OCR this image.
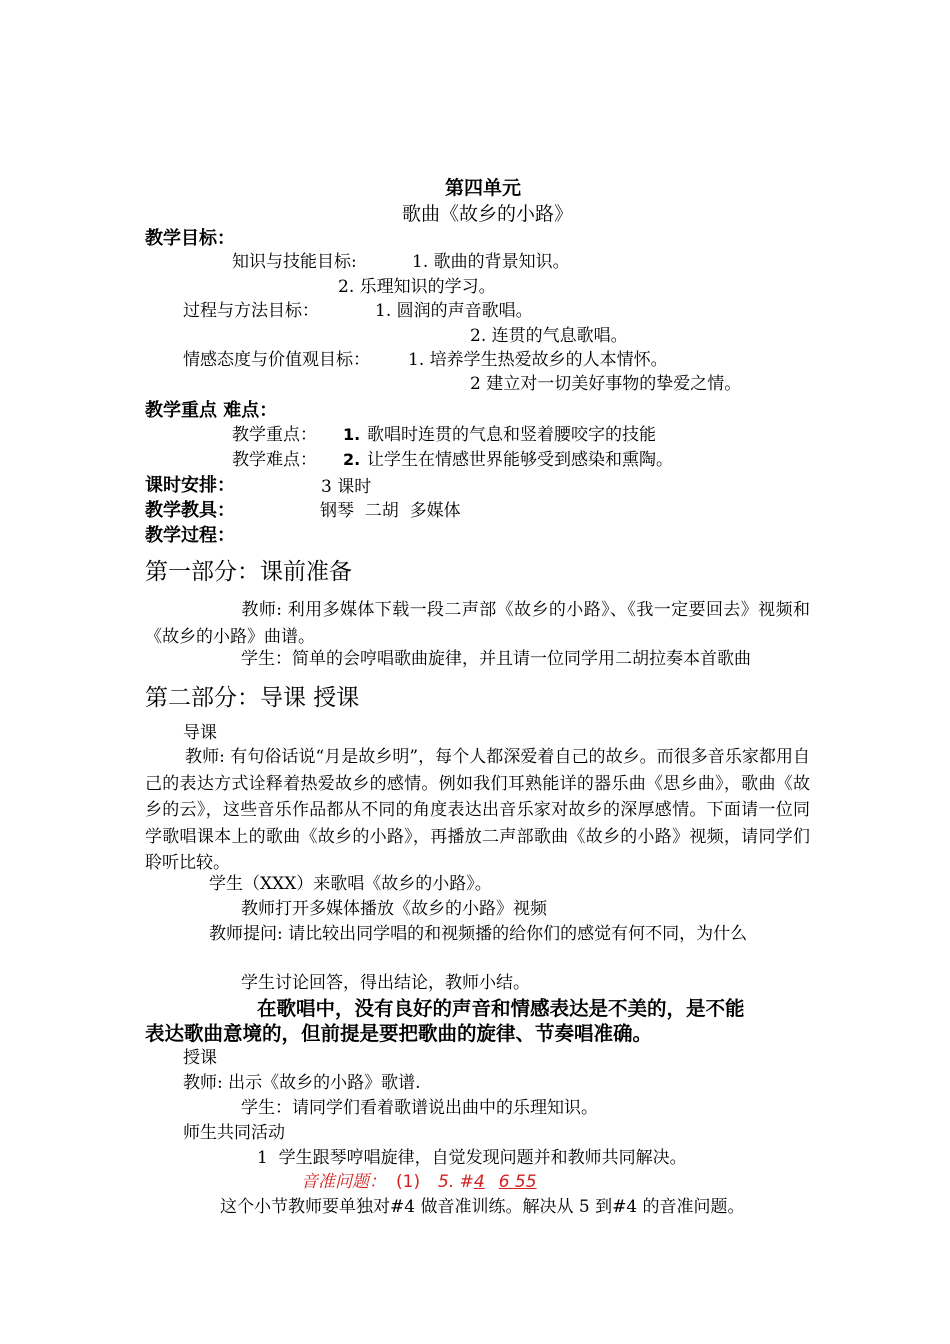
第四单元
歌曲《故乡的小路》
教学目标：
知识与技能目标:	1. 歌曲的背景知识。
2. 乐理知识的学习。
过程与方法目标：	1. 圆润的声音歌唱。
2. 连贯的气息歌唱。
情感态度与价值观目标： 1. 培养学生热爱故乡的人本情怀。
2 建立对一切美好事物的挚爱之情。
教学重点 难点：
教学重点： 1. 歌唱时连贯的气息和竖着腰咬字的技能
教学难点： 2. 让学生在情感世界能够受到感染和熏陶。
课时安排：	3 课时
教学教具：	钢琴  二胡  多媒体
教学过程：
第一部分：课前准备
教师: 利用多媒体下载一段二声部《故乡的小路》、《我一定要回去》视频和《故乡的小路》曲谱。
学生：简单的会哼唱歌曲旋律，并且请一位同学用二胡拉奏本首歌曲
第二部分：导课 授课
导课
教师: 有句俗话说“月是故乡明”，每个人都深爱着自己的故乡。而很多音乐家都用自己的表达方式诠释着热爱故乡的感情。例如我们耳熟能详的器乐曲《思乡曲》，歌曲《故乡的云》，这些音乐作品都从不同的角度表达出音乐家对故乡的深厚感情。下面请一位同学歌唱课本上的歌曲《故乡的小路》，再播放二声部歌曲《故乡的小路》视频，请同学们聆听比较。
学生（XXX）来歌唱《故乡的小路》。
教师打开多媒体播放《故乡的小路》视频
教师提问: 请比较出同学唱的和视频播的给你们的感觉有何不同，为什么
学生讨论回答，得出结论，教师小结。
在歌唱中，没有良好的声音和情感表达是不美的，是不能
表达歌曲意境的，但前提是要把歌曲的旋律、节奏唱准确。
授课
教师: 出示《故乡的小路》歌谱.
学生：请同学们看着歌谱说出曲中的乐理知识。
师生共同活动
1  学生跟琴哼唱旋律，自觉发现问题并和教师共同解决。
音准问题： (1) 5. #4 6 55
这个小节教师要单独对#4 做音准训练。解决从 5 到#4 的音准问题。
